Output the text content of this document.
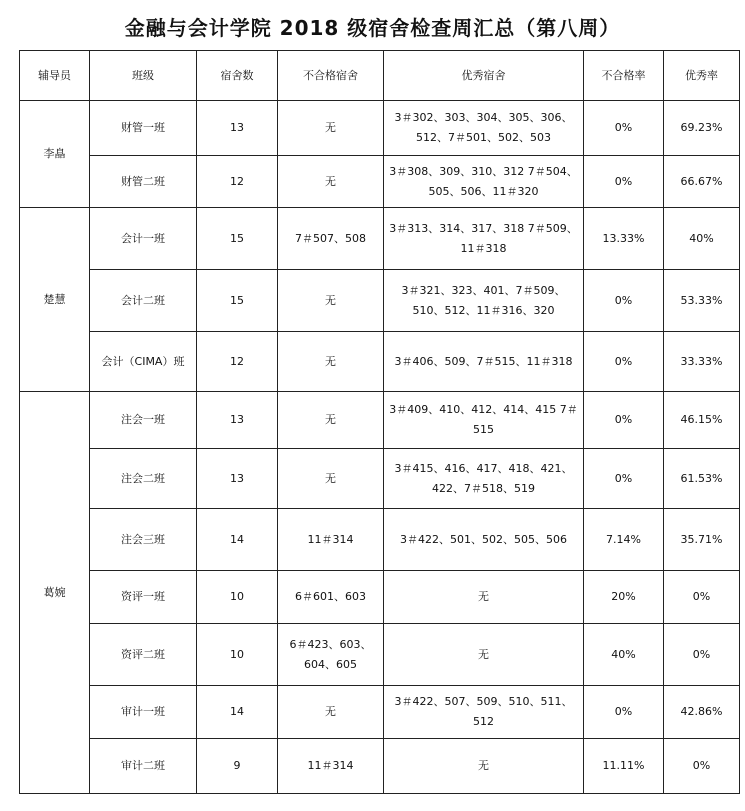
金融与会计学院 2018 级宿舍检查周汇总（第八周）
辅导员	班级	宿舍数	不合格宿舍	优秀宿舍	不合格率	优秀率
李皛	财管一班	13	无	3＃302、303、304、305、306、512、7＃501、502、503	0%	69.23%
	财管二班	12	无	3＃308、309、310、312 7＃504、505、506、11＃320	0%	66.67%
楚慧	会计一班	15	7＃507、508	3＃313、314、317、318 7＃509、11＃318	13.33%	40%
	会计二班	15	无	3＃321、323、401、7＃509、510、512、11＃316、320	0%	53.33%
	会计（CIMA）班	12	无	3＃406、509、7＃515、11＃318	0%	33.33%
葛婉	注会一班	13	无	3＃409、410、412、414、415 7＃515	0%	46.15%
	注会二班	13	无	3＃415、416、417、418、421、422、7＃518、519	0%	61.53%
	注会三班	14	11＃314	3＃422、501、502、505、506	7.14%	35.71%
	资评一班	10	6＃601、603	无	20%	0%
	资评二班	10	6＃423、603、604、605	无	40%	0%
	审计一班	14	无	3＃422、507、509、510、511、512	0%	42.86%
	审计二班	9	11＃314	无	11.11%	0%
